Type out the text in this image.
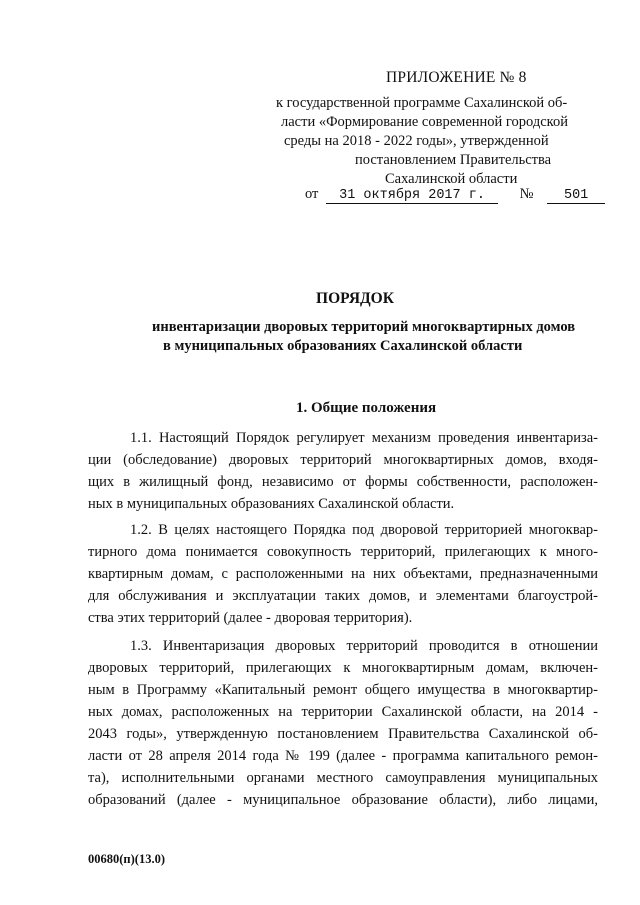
ПРИЛОЖЕНИЕ № 8
к государственной программе Сахалинской об-
ласти «Формирование современной городской
среды на 2018 - 2022 годы», утвержденной
постановлением Правительства
Сахалинской области
от 31 октября 2017 г. № 501
ПОРЯДОК
инвентаризации дворовых территорий многоквартирных домов
в муниципальных образованиях Сахалинской области
1. Общие положения
1.1. Настоящий Порядок регулирует механизм проведения инвентариза-
ции (обследование) дворовых территорий многоквартирных домов, входя-
щих в жилищный фонд, независимо от формы собственности, расположен-
ных в муниципальных образованиях Сахалинской области.
1.2. В целях настоящего Порядка под дворовой территорией многоквар-
тирного дома понимается совокупность территорий, прилегающих к много-
квартирным домам, с расположенными на них объектами, предназначенными
для обслуживания и эксплуатации таких домов, и элементами благоустрой-
ства этих территорий (далее - дворовая территория).
1.3. Инвентаризация дворовых территорий проводится в отношении
дворовых территорий, прилегающих к многоквартирным домам, включен-
ным в Программу «Капитальный ремонт общего имущества в многоквартир-
ных домах, расположенных на территории Сахалинской области, на 2014 -
2043 годы», утвержденную постановлением Правительства Сахалинской об-
ласти от 28 апреля 2014 года № 199 (далее - программа капитального ремон-
та), исполнительными органами местного самоуправления муниципальных
образований (далее - муниципальное образование области), либо лицами,
00680(п)(13.0)
